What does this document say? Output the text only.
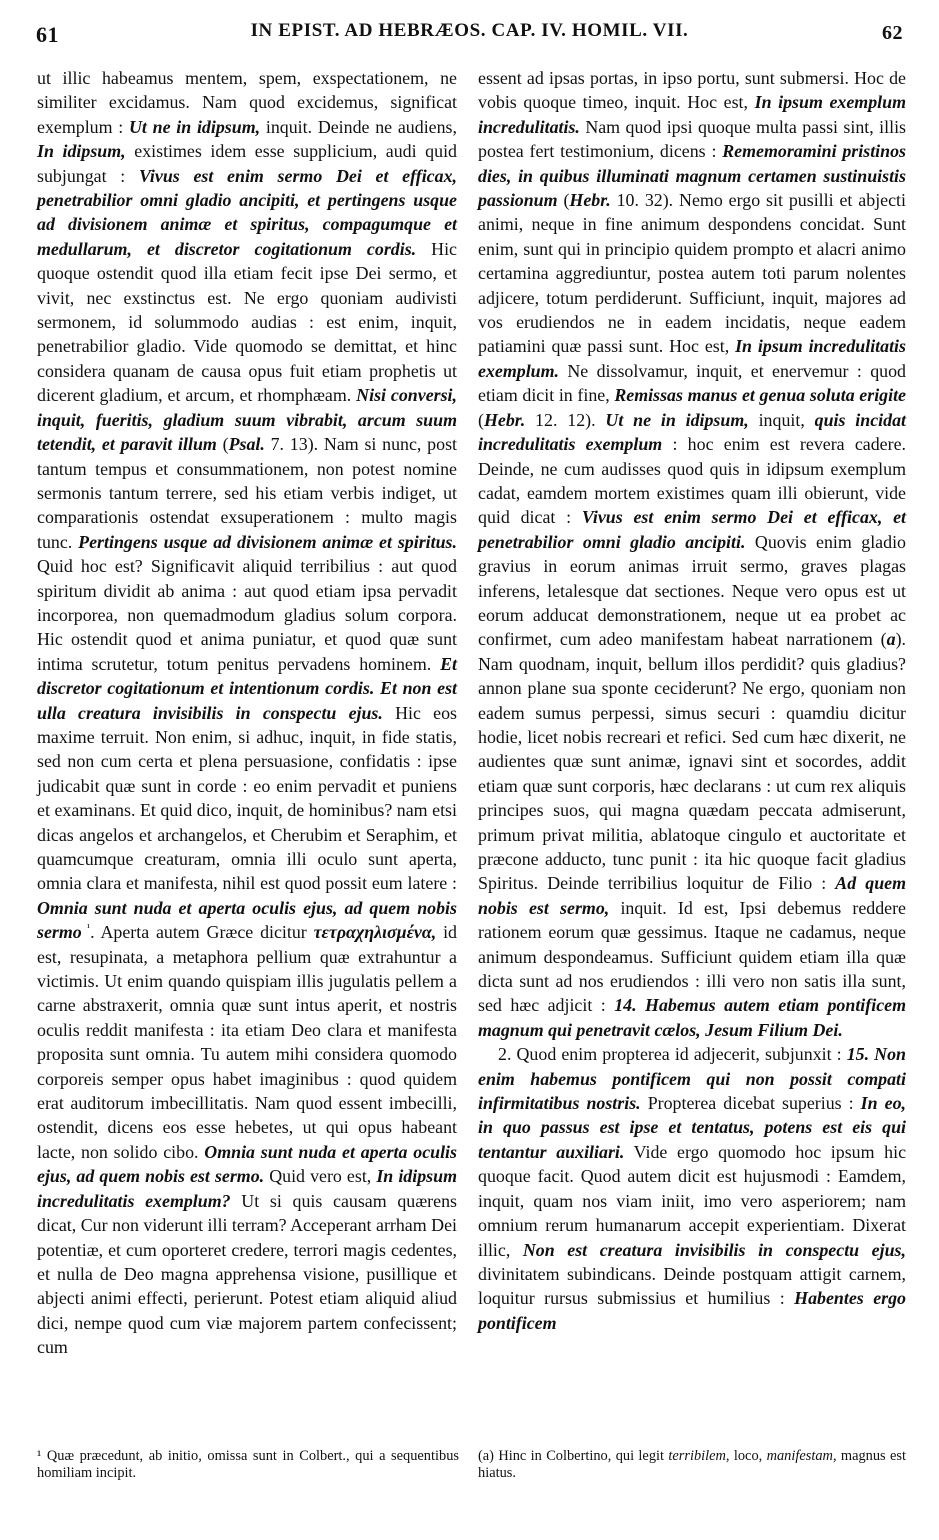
61	IN EPIST. AD HEBRÆOS. CAP. IV. HOMIL. VII.	62

ut illic habeamus mentem, spem, exspectationem, ne similiter excidamus. Nam quod excidemus, significat exemplum : Ut ne in idipsum, inquit. Deinde ne audiens, In idipsum, existimes idem esse supplicium, audi quid subjungat : Vivus est enim sermo Dei et efficax, penetrabilior omni gladio ancipiti, et pertingens usque ad divisionem animæ et spiritus, compagumque et medullarum, et discretor cogitationum cordis. Hic quoque ostendit quod illa etiam fecit ipse Dei sermo, et vivit, nec exstinctus est. Ne ergo quoniam audivisti sermonem, id solummodo audias : est enim, inquit, penetrabilior gladio. Vide quomodo se demittat, et hinc considera quanam de causa opus fuit etiam prophetis ut dicerent gladium, et arcum, et rhomphæam. Nisi conversi, inquit, fueritis, gladium suum vibrabit, arcum suum tetendit, et paravit illum (Psal. 7. 13). Nam si nunc, post tantum tempus et consummationem, non potest nomine sermonis tantum terrere, sed his etiam verbis indiget, ut comparationis ostendat exsuperationem : multo magis tunc. Pertingens usque ad divisionem animæ et spiritus. Quid hoc est? Significavit aliquid terribilius : aut quod spiritum dividit ab anima : aut quod etiam ipsa pervadit incorporea, non quemadmodum gladius solum corpora. Hic ostendit quod et anima puniatur, et quod quæ sunt intima scrutetur, totum penitus pervadens hominem. Et discretor cogitationum et intentionum cordis. Et non est ulla creatura invisibilis in conspectu ejus. Hic eos maxime terruit. Non enim, si adhuc, inquit, in fide statis, sed non cum certa et plena persuasione, confidatis : ipse judicabit quæ sunt in corde : eo enim pervadit et puniens et examinans. Et quid dico, inquit, de hominibus? nam etsi dicas angelos et archangelos, et Cherubim et Seraphim, et quamcumque creaturam, omnia illi oculo sunt aperta, omnia clara et manifesta, nihil est quod possit eum latere : Omnia sunt nuda et aperta oculis ejus, ad quem nobis sermo $^{^1}$. Aperta autem Græce dicitur τετραχηλισμένα, id est, resupinata, a metaphora pellium quæ extrahuntur a victimis. Ut enim quando quispiam illis jugulatis pellem a carne abstraxerit, omnia quæ sunt intus aperit, et nostris oculis reddit manifesta : ita etiam Deo clara et manifesta proposita sunt omnia. Tu autem mihi considera quomodo corporeis semper opus habet imaginibus : quod quidem erat auditorum imbecillitatis. Nam quod essent imbecilli, ostendit, dicens eos esse hebetes, ut qui opus habeant lacte, non solido cibo. Omnia sunt nuda et aperta oculis ejus, ad quem nobis est sermo. Quid vero est, In idipsum incredulitatis exemplum? Ut si quis causam quærens dicat, Cur non viderunt illi terram? Acceperant arrham Dei potentiæ, et cum oporteret credere, terrori magis cedentes, et nulla de Deo magna apprehensa visione, pusillique et abjecti animi effecti, perierunt. Potest etiam aliquid aliud dici, nempe quod cum viæ majorem partem confecissent; cum

essent ad ipsas portas, in ipso portu, sunt submersi. Hoc de vobis quoque timeo, inquit. Hoc est, In ipsum exemplum incredulitatis. Nam quod ipsi quoque multa passi sint, illis postea fert testimonium, dicens : Rememoramini pristinos dies, in quibus illuminati magnum certamen sustinuistis passionum (Hebr. 10. 32). Nemo ergo sit pusilli et abjecti animi, neque in fine animum despondens concidat. Sunt enim, sunt qui in principio quidem prompto et alacri animo certamina aggrediuntur, postea autem toti parum nolentes adjicere, totum perdiderunt. Sufficiunt, inquit, majores ad vos erudiendos ne in eadem incidatis, neque eadem patiamini quæ passi sunt. Hoc est, In ipsum incredulitatis exemplum. Ne dissolvamur, inquit, et enervemur : quod etiam dicit in fine, Remissas manus et genua soluta erigite (Hebr. 12. 12). Ut ne in idipsum, inquit, quis incidat incredulitatis exemplum : hoc enim est revera cadere. Deinde, ne cum audisses quod quis in idipsum exemplum cadat, eamdem mortem existimes quam illi obierunt, vide quid dicat : Vivus est enim sermo Dei et efficax, et penetrabilior omni gladio ancipiti. Quovis enim gladio gravius in eorum animas irruit sermo, graves plagas inferens, letalesque dat sectiones. Neque vero opus est ut eorum adducat demonstrationem, neque ut ea probet ac confirmet, cum adeo manifestam habeat narrationem (a). Nam quodnam, inquit, bellum illos perdidit? quis gladius? annon plane sua sponte ceciderunt? Ne ergo, quoniam non eadem sumus perpessi, simus securi : quamdiu dicitur hodie, licet nobis recreari et refici. Sed cum hæc dixerit, ne audientes quæ sunt animæ, ignavi sint et socordes, addit etiam quæ sunt corporis, hæc declarans : ut cum rex aliquis principes suos, qui magna quædam peccata admiserunt, primum privat militia, ablatoque cingulo et auctoritate et præcone adducto, tunc punit : ita hic quoque facit gladius Spiritus. Deinde terribilius loquitur de Filio : Ad quem nobis est sermo, inquit. Id est, Ipsi debemus reddere rationem eorum quæ gessimus. Itaque ne cadamus, neque animum despondeamus. Sufficiunt quidem etiam illa quæ dicta sunt ad nos erudiendos : illi vero non satis illa sunt, sed hæc adjicit : 14. Habemus autem etiam pontificem magnum qui penetravit cælos, Jesum Filium Dei.

2. Quod enim propterea id adjecerit, subjunxit : 15. Non enim habemus pontificem qui non possit compati infirmitatibus nostris. Propterea dicebat superius : In eo, in quo passus est ipse et tentatus, potens est eis qui tentantur auxiliari. Vide ergo quomodo hoc ipsum hic quoque facit. Quod autem dicit est hujusmodi : Eamdem, inquit, quam nos viam iniit, imo vero asperiorem; nam omnium rerum humanarum accepit experientiam. Dixerat illic, Non est creatura invisibilis in conspectu ejus, divinitatem subindicans. Deinde postquam attigit carnem, loquitur rursus submissius et humilius : Habentes ergo pontificem

¹ Quæ præcedunt, ab initio, omissa sunt in Colbert., qui a sequentibus homiliam incipit.
(a) Hinc in Colbertino, qui legit terribilem, loco, manifestam, magnus est hiatus.
